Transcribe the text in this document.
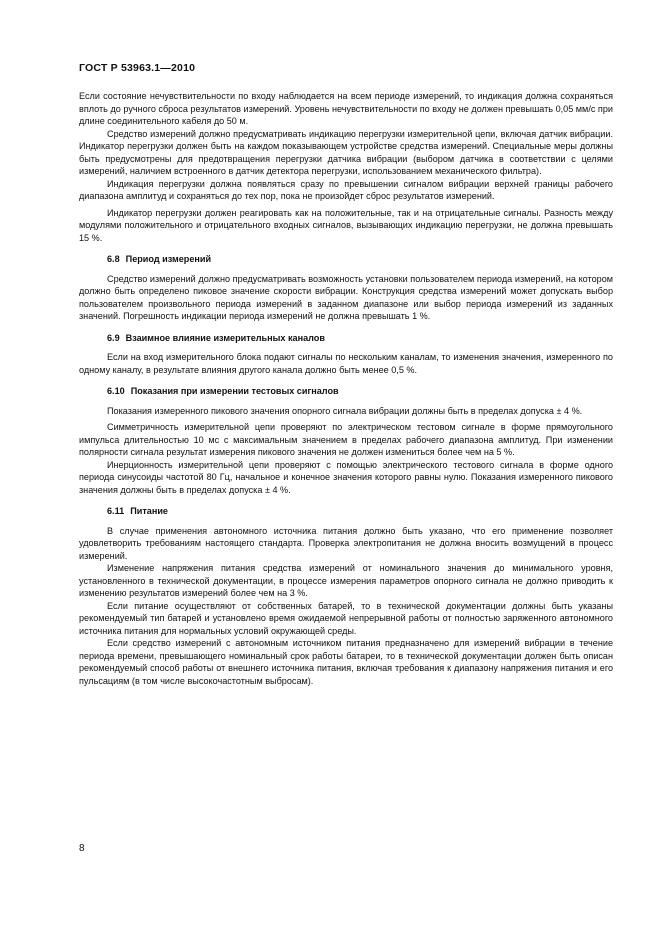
ГОСТ Р 53963.1—2010

Если состояние нечувствительности по входу наблюдается на всем периоде измерений, то индикация должна сохраняться вплоть до ручного сброса результатов измерений. Уровень нечувствительности по входу не должен превышать 0,05 мм/с при длине соединительного кабеля до 50 м.

Средство измерений должно предусматривать индикацию перегрузки измерительной цепи, включая датчик вибрации. Индикатор перегрузки должен быть на каждом показывающем устройстве средства измерений. Специальные меры должны быть предусмотрены для предотвращения перегрузки датчика вибрации (выбором датчика в соответствии с целями измерений, наличием встроенного в датчик детектора перегрузки, использованием механического фильтра).

Индикация перегрузки должна появляться сразу по превышении сигналом вибрации верхней границы рабочего диапазона амплитуд и сохраняться до тех пор, пока не произойдет сброс результатов измерений.

Индикатор перегрузки должен реагировать как на положительные, так и на отрицательные сигналы. Разность между модулями положительного и отрицательного входных сигналов, вызывающих индикацию перегрузки, не должна превышать 15 %.

6.8 Период измерений

Средство измерений должно предусматривать возможность установки пользователем периода измерений, на котором должно быть определено пиковое значение скорости вибрации. Конструкция средства измерений может допускать выбор пользователем произвольного периода измерений в заданном диапазоне или выбор периода измерений из заданных значений. Погрешность индикации периода измерений не должна превышать 1 %.

6.9 Взаимное влияние измерительных каналов

Если на вход измерительного блока подают сигналы по нескольким каналам, то изменения значения, измеренного по одному каналу, в результате влияния другого канала должно быть менее 0,5 %.

6.10 Показания при измерении тестовых сигналов

Показания измеренного пикового значения опорного сигнала вибрации должны быть в пределах допуска ± 4 %.

Симметричность измерительной цепи проверяют по электрическом тестовом сигнале в форме прямоугольного импульса длительностью 10 мс с максимальным значением в пределах рабочего диапазона амплитуд. При изменении полярности сигнала результат измерения пикового значения не должен измениться более чем на 5 %.

Инерционность измерительной цепи проверяют с помощью электрического тестового сигнала в форме одного периода синусоиды частотой 80 Гц, начальное и конечное значения которого равны нулю. Показания измеренного пикового значения должны быть в пределах допуска ± 4 %.

6.11 Питание

В случае применения автономного источника питания должно быть указано, что его применение позволяет удовлетворить требованиям настоящего стандарта. Проверка электропитания не должна вносить возмущений в процесс измерений.

Изменение напряжения питания средства измерений от номинального значения до минимального уровня, установленного в технической документации, в процессе измерения параметров опорного сигнала не должно приводить к изменению результатов измерений более чем на 3 %.

Если питание осуществляют от собственных батарей, то в технической документации должны быть указаны рекомендуемый тип батарей и установлено время ожидаемой непрерывной работы от полностью заряженного автономного источника питания для нормальных условий окружающей среды.

Если средство измерений с автономным источником питания предназначено для измерений вибрации в течение периода времени, превышающего номинальный срок работы батареи, то в технической документации должен быть описан рекомендуемый способ работы от внешнего источника питания, включая требования к диапазону напряжения питания и его пульсациям (в том числе высокочастотным выбросам).

8
